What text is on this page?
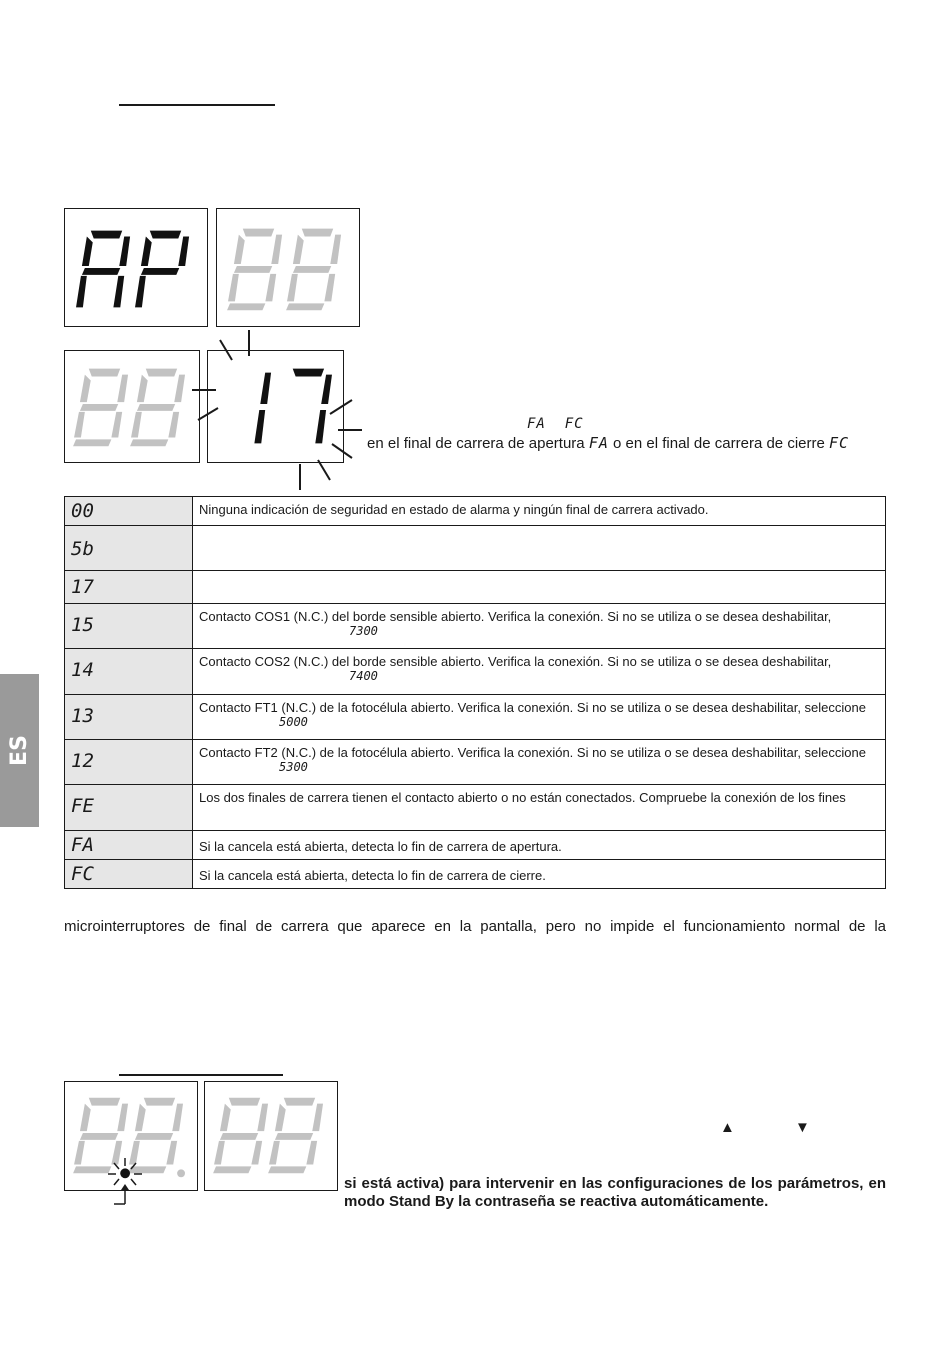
FA  FC
en el final de carrera de apertura FA o en el final de carrera de cierre FC
00	Ninguna indicación de seguridad en estado de alarma y ningún final de carrera activado.
5b	
17	
15	Contacto COS1 (N.C.) del borde sensible abierto. Verifica la conexión. Si no se utiliza o se desea deshabilitar,
7300

14	Contacto COS2 (N.C.) del borde sensible abierto. Verifica la conexión. Si no se utiliza o se desea deshabilitar,
7400

13	Contacto FT1 (N.C.) de la fotocélula abierto. Verifica la conexión. Si no se utiliza o se desea deshabilitar, seleccione
5000

12	Contacto FT2 (N.C.) de la fotocélula abierto. Verifica la conexión. Si no se utiliza o se desea deshabilitar, seleccione
5300

FE	Los dos finales de carrera tienen el contacto abierto o no están conectados. Compruebe la conexión de los fines
FA	Si la cancela está abierta, detecta lo fin de carrera de apertura.
FC	Si la cancela está abierta, detecta lo fin de carrera de cierre.
microinterruptores de final de carrera que aparece en la pantalla, pero no impide el funcionamiento normal de la
▲	▼
si está activa) para intervenir en las configuraciones de los parámetros, en modo Stand By la contraseña se reactiva automáticamente.
ES
